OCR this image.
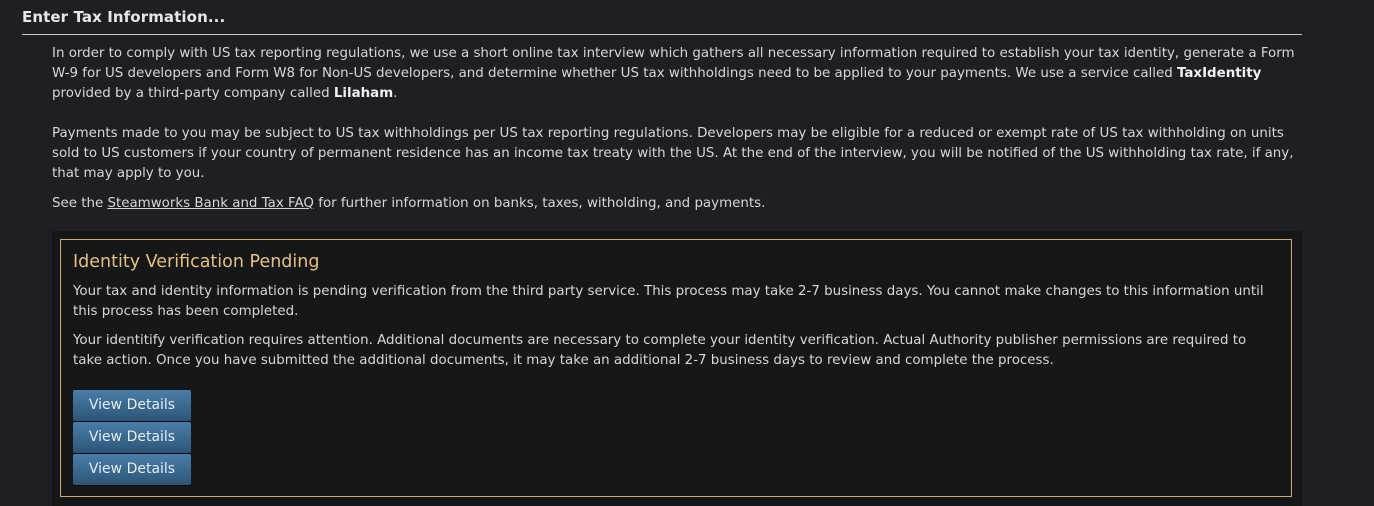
Enter Tax Information...

In order to comply with US tax reporting regulations, we use a short online tax interview which gathers all necessary information required to establish your tax identity, generate a Form W-9 for US developers and Form W8 for Non-US developers, and determine whether US tax withholdings need to be applied to your payments. We use a service called TaxIdentity provided by a third-party company called Lilaham.

Payments made to you may be subject to US tax withholdings per US tax reporting regulations. Developers may be eligible for a reduced or exempt rate of US tax withholding on units sold to US customers if your country of permanent residence has an income tax treaty with the US. At the end of the interview, you will be notified of the US withholding tax rate, if any, that may apply to you.

See the Steamworks Bank and Tax FAQ for further information on banks, taxes, witholding, and payments.

Identity Verification Pending
Your tax and identity information is pending verification from the third party service. This process may take 2-7 business days. You cannot make changes to this information until this process has been completed.
Your identitify verification requires attention. Additional documents are necessary to complete your identity verification. Actual Authority publisher permissions are required to take action. Once you have submitted the additional documents, it may take an additional 2-7 business days to review and complete the process.
View Details
View Details
View Details
